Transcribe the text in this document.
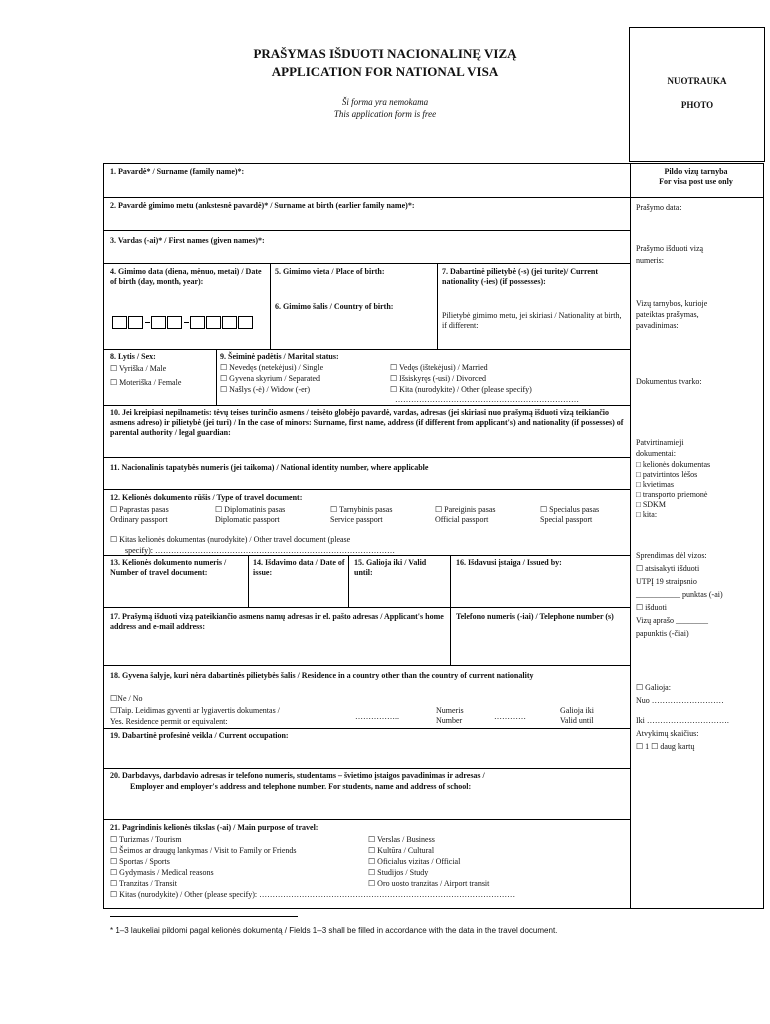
PRAŠYMAS IŠDUOTI NACIONALINĘ VIZĄ
APPLICATION FOR NATIONAL VISA
Ši forma yra nemokama
This application form is free
NUOTRAUKA
PHOTO
1. Pavardė* / Surname (family name)*:
2. Pavardė gimimo metu (ankstesnė pavardė)* / Surname at birth (earlier family name)*:
3. Vardas (-ai)* / First names (given names)*:
4. Gimimo data (diena, mėnuo, metai) / Date of birth (day, month, year):
5. Gimimo vieta / Place of birth:
6. Gimimo šalis / Country of birth:
7. Dabartinė pilietybė (-s) (jei turite)/ Current nationality (-ies) (if possesses):
Pilietybė gimimo metu, jei skiriasi / Nationality at birth, if different:
8. Lytis / Sex:
☐ Vyriška / Male
☐ Moteriška / Female
9. Šeiminė padėtis / Marital status:
☐ Nevedęs (netekėjusi) / Single
☐ Gyvena skyrium / Separated
☐ Našlys (-ė) / Widow (-er)
☐ Vedęs (ištekėjusi) / Married
☐ Išsiskyręs (-usi) / Divorced
☐ Kita (nurodykite) / Other (please specify)
……………………………………………………………
10. Jei kreipiasi nepilnametis: tėvų teises turinčio asmens / teisėto globėjo pavardė, vardas, adresas (jei skiriasi nuo prašymą išduoti vizą teikiančio asmens adreso) ir pilietybė (jei turi) / In the case of minors: Surname, first name, address (if different from applicant's) and nationality (if possesses) of parental authority / legal guardian:
11. Nacionalinis tapatybės numeris (jei taikoma) / National identity number, where applicable
12. Kelionės dokumento rūšis / Type of travel document:
☐ Paprastas pasas
Ordinary passport
☐ Diplomatinis pasas
Diplomatic passport
☐ Tarnybinis pasas
Service passport
☐ Pareiginis pasas
Official passport
☐ Specialus pasas
Special passport
☐ Kitas kelionės dokumentas (nurodykite) / Other travel document (please
specify): ………………………………………………………………………………
13. Kelionės dokumento numeris / Number of travel document:
14. Išdavimo data / Date of issue:
15. Galioja iki / Valid until:
16. Išdavusi įstaiga / Issued by:
17. Prašymą išduoti vizą pateikiančio asmens namų adresas ir el. pašto adresas / Applicant's home address and e-mail address:
Telefono numeris (-iai) / Telephone number (s)
18. Gyvena šalyje, kuri nėra dabartinės pilietybės šalis / Residence in a country other than the country of current nationality
☐Ne / No
☐Taip. Leidimas gyventi ar lygiavertis dokumentas /
Yes. Residence permit or equivalent:
……………..
Numeris
Number	…………
Galioja iki
Valid until
19. Dabartinė profesinė veikla / Current occupation:
20. Darbdavys, darbdavio adresas ir telefono numeris, studentams – švietimo įstaigos pavadinimas ir adresas /
Employer and employer's address and telephone number. For students, name and address of school:
21. Pagrindinis kelionės tikslas (-ai) / Main purpose of travel:
☐ Turizmas / Tourism
☐ Šeimos ar draugų lankymas / Visit to Family or Friends
☐ Sportas / Sports
☐ Gydymasis / Medical reasons
☐ Tranzitas / Transit
☐ Verslas / Business
☐ Kultūra / Cultural
☐ Oficialus vizitas / Official
☐ Studijos / Study
☐ Oro uosto tranzitas / Airport transit
☐ Kitas (nurodykite) / Other (please specify): ……………………………………………………………………………………
Pildo vizų tarnyba
For visa post use only
Prašymo data:
Prašymo išduoti vizą
numeris:
Vizų tarnybos, kurioje
pateiktas prašymas,
pavadinimas:
Dokumentus tvarko:
Patvirtinamieji
dokumentai:
□ kelionės dokumentas
□ patvirtintos lėšos
□ kvietimas
□ transporto priemonė
□ SDKM
□ kita:
Sprendimas dėl vizos:
☐ atsisakyti išduoti
UTPĮ 19 straipsnio
___________ punktas (-ai)
☐ išduoti
Vizų aprašo ________
papunktis (-čiai)
☐ Galioja:
Nuo ………………………
Iki ………………………….
Atvykimų skaičius:
☐ 1 ☐ daug kartų
* 1–3 laukeliai pildomi pagal kelionės dokumentą / Fields 1–3 shall be filled in accordance with the data in the travel document.
